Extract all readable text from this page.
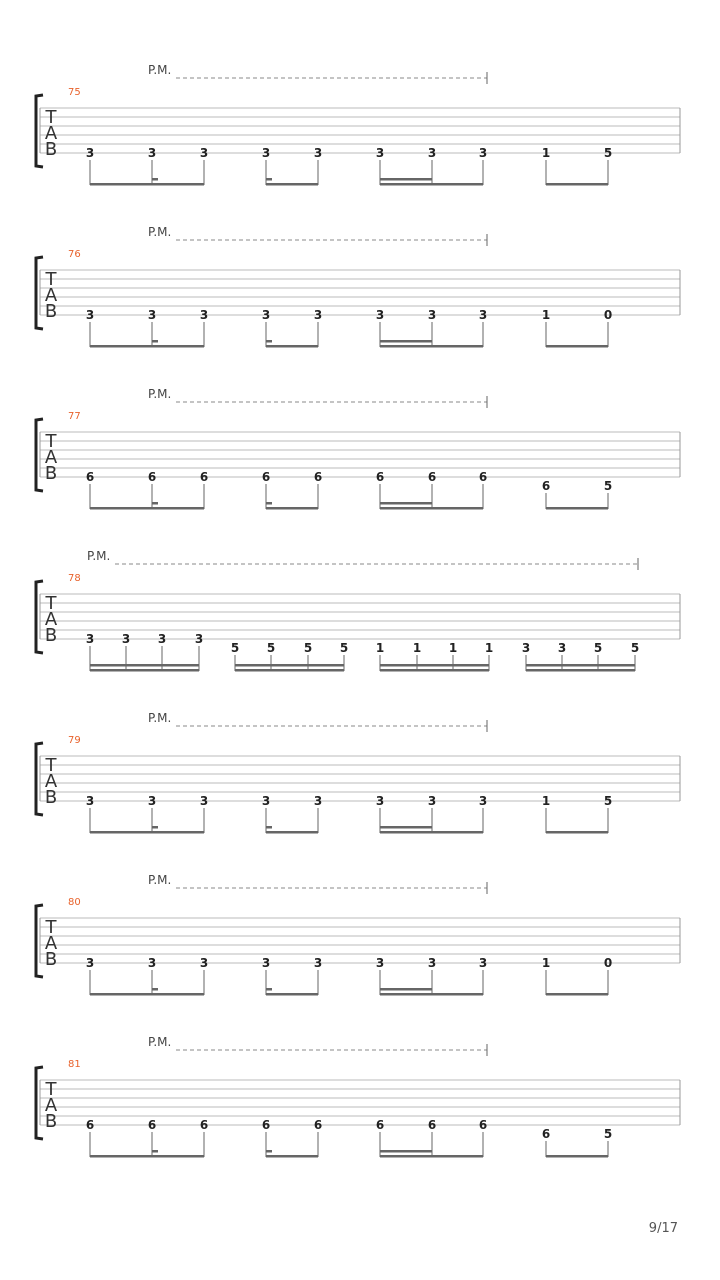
T
A
B
75
P.M.
3	3	3	3	3	3	3	3	1	5
T
A
B
76
P.M.
3	3	3	3	3	3	3	3	1	0
T
A
B
77
P.M.
6	6	6	6	6	6	6	6
6	5
T
A
B
78
P.M.
3 3 3 3
5 5 5 5 1 1 1 1 3 3 5 5
T
A
B
79
P.M.
3	3	3	3	3	3	3	3	1	5
T
A
B
80
P.M.
3	3	3	3	3	3	3	3	1	0
T
A
B
81
P.M.
6	6	6	6	6	6	6	6
6	5
9/17
